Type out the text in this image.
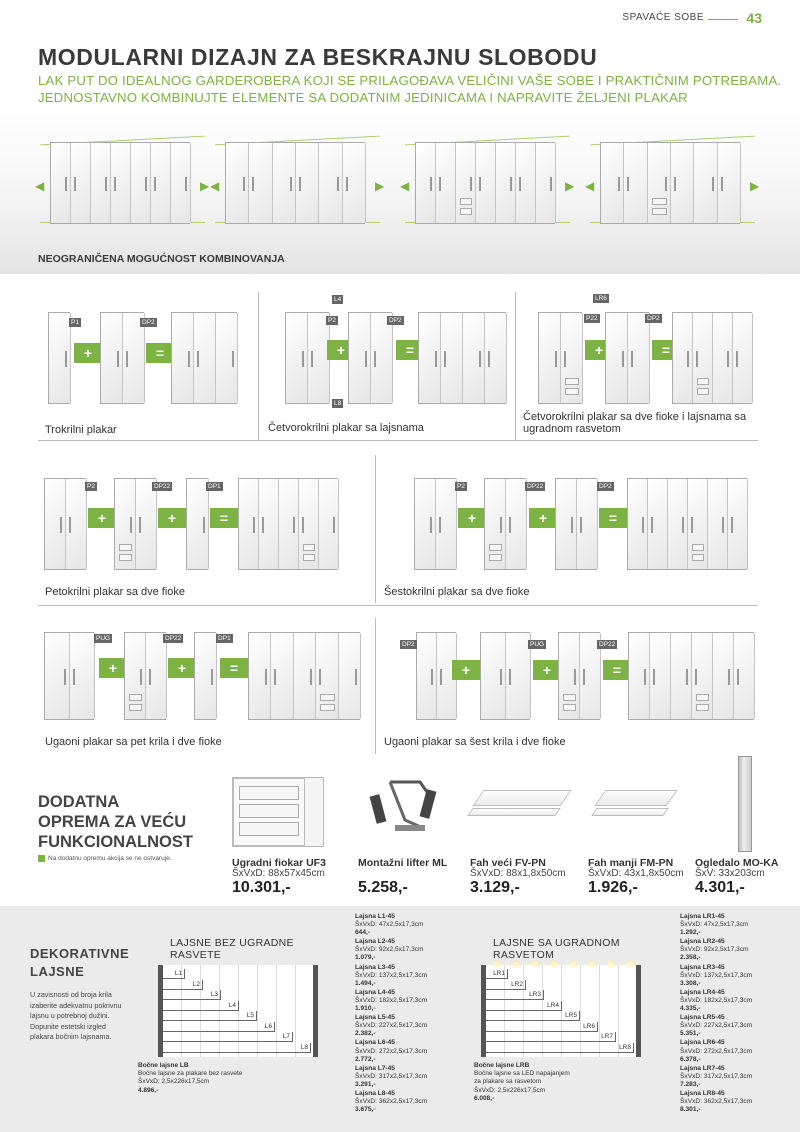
SPAVAĆE SOBE	43
MODULARNI DIZAJN ZA BESKRAJNU SLOBODU
LAK PUT DO IDEALNOG GARDEROBERA KOJI SE PRILAGOĐAVA VELIČINI VAŠE SOBE I PRAKTIČNIM POTREBAMA.
JEDNOSTAVNO KOMBINUJTE ELEMENTE SA DODATNIM JEDINICAMA I NAPRAVITE ŽELJENI PLAKAR
NEOGRANIČENA MOGUĆNOST KOMBINOVANJA
Trokrilni plakar	Četvorokrilni plakar sa lajsnama
Četvorokrilni plakar sa dve fioke i lajsnama sa ugradnom rasvetom
Petokrilni plakar sa dve fioke	Šestokrilni plakar sa dve fioke
Ugaoni plakar sa pet krila i dve fioke	Ugaoni plakar sa šest krila i dve fioke
DODATNA
OPREMA ZA VEĆU
FUNKCIONALNOST
Na dodatnu opremu akcija se ne ostvaruje.	Ugradni fiokar UF3
ŠxVxD: 88x57x45cm
10.301,-
Montažni lifter ML
5.258,-
Fah veći FV-PN
ŠxVxD: 88x1,8x50cm
3.129,-
Fah manji FM-PN
ŠxVxD: 43x1,8x50cm
1.926,-
Ogledalo MO-KA
ŠxV: 33x203cm
4.301,-
DEKORATIVNE
LAJSNE
U zavisnosti od broja krila izaberite adekvatnu pokrivnu lajsnu u potrebnoj dužini. Dopunite estetski izgled plakara bočnim lajsnama.
LAJSNE BEZ UGRADNE
RASVETE
L1
L2
L3
L4
L5
L6
L7
L8
Bočne lajsne LB
Bočne lajsne za plakare bez rasvete
ŠxVxD: 2,5x226x17,5cm
4.896,-
Lajsna L1-45
ŠxVxD: 47x2,5x17,3cm
644,-
Lajsna L2-45
ŠxVxD: 92x2,5x17,3cm
1.079,-
Lajsna L3-45
ŠxVxD: 137x2,5x17,3cm
1.494,-
Lajsna L4-45
ŠxVxD: 182x2,5x17,3cm
1.910,-
Lajsna L5-45
ŠxVxD: 227x2,5x17,3cm
2.382,-
Lajsna L6-45
ŠxVxD: 272x2,5x17,3cm
2.772,-
Lajsna L7-45
ŠxVxD: 317x2,5x17,3cm
3.291,-
Lajsna L8-45
ŠxVxD: 362x2,5x17,3cm
3.675,-
LAJSNE SA UGRADNOM
RASVETOM
LR1
LR2
LR3
LR4
LR5
LR6
LR7
LR8
Bočne lajsne LRB
Bočne lajsne sa LED napajanjem
za plakare sa rasvetom
ŠxVxD: 2,5x226x17,5cm
6.008,-
Lajsna LR1-45
ŠxVxD: 47x2,5x17,3cm
1.292,-
Lajsna LR2-45
ŠxVxD: 92x2,5x17,3cm
2.358,-
Lajsna LR3-45
ŠxVxD: 137x2,5x17,3cm
3.308,-
Lajsna LR4-45
ŠxVxD: 182x2,5x17,3cm
4.335,-
Lajsna LR5-45
ŠxVxD: 227x2,5x17,3cm
5.351,-
Lajsna LR6-45
ŠxVxD: 272x2,5x17,3cm
6.378,-
Lajsna LR7-45
ŠxVxD: 317x2,5x17,3cm
7.283,-
Lajsna LR8-45
ŠxVxD: 362x2,5x17,3cm
8.301,-
◀	▶ ◀	▶ ◀	▶ ◀	▶
P1
+
DP2
=
L4
P2
+
DP2
L8
=
LR6
P22
+
DP2
=
P2
+
DP22
+
DP1
=
P2
+
DP22
+
DP2
=
PUG
+
DP22
+
DP1
=
DP2
+
PUG
+
DP22
=
